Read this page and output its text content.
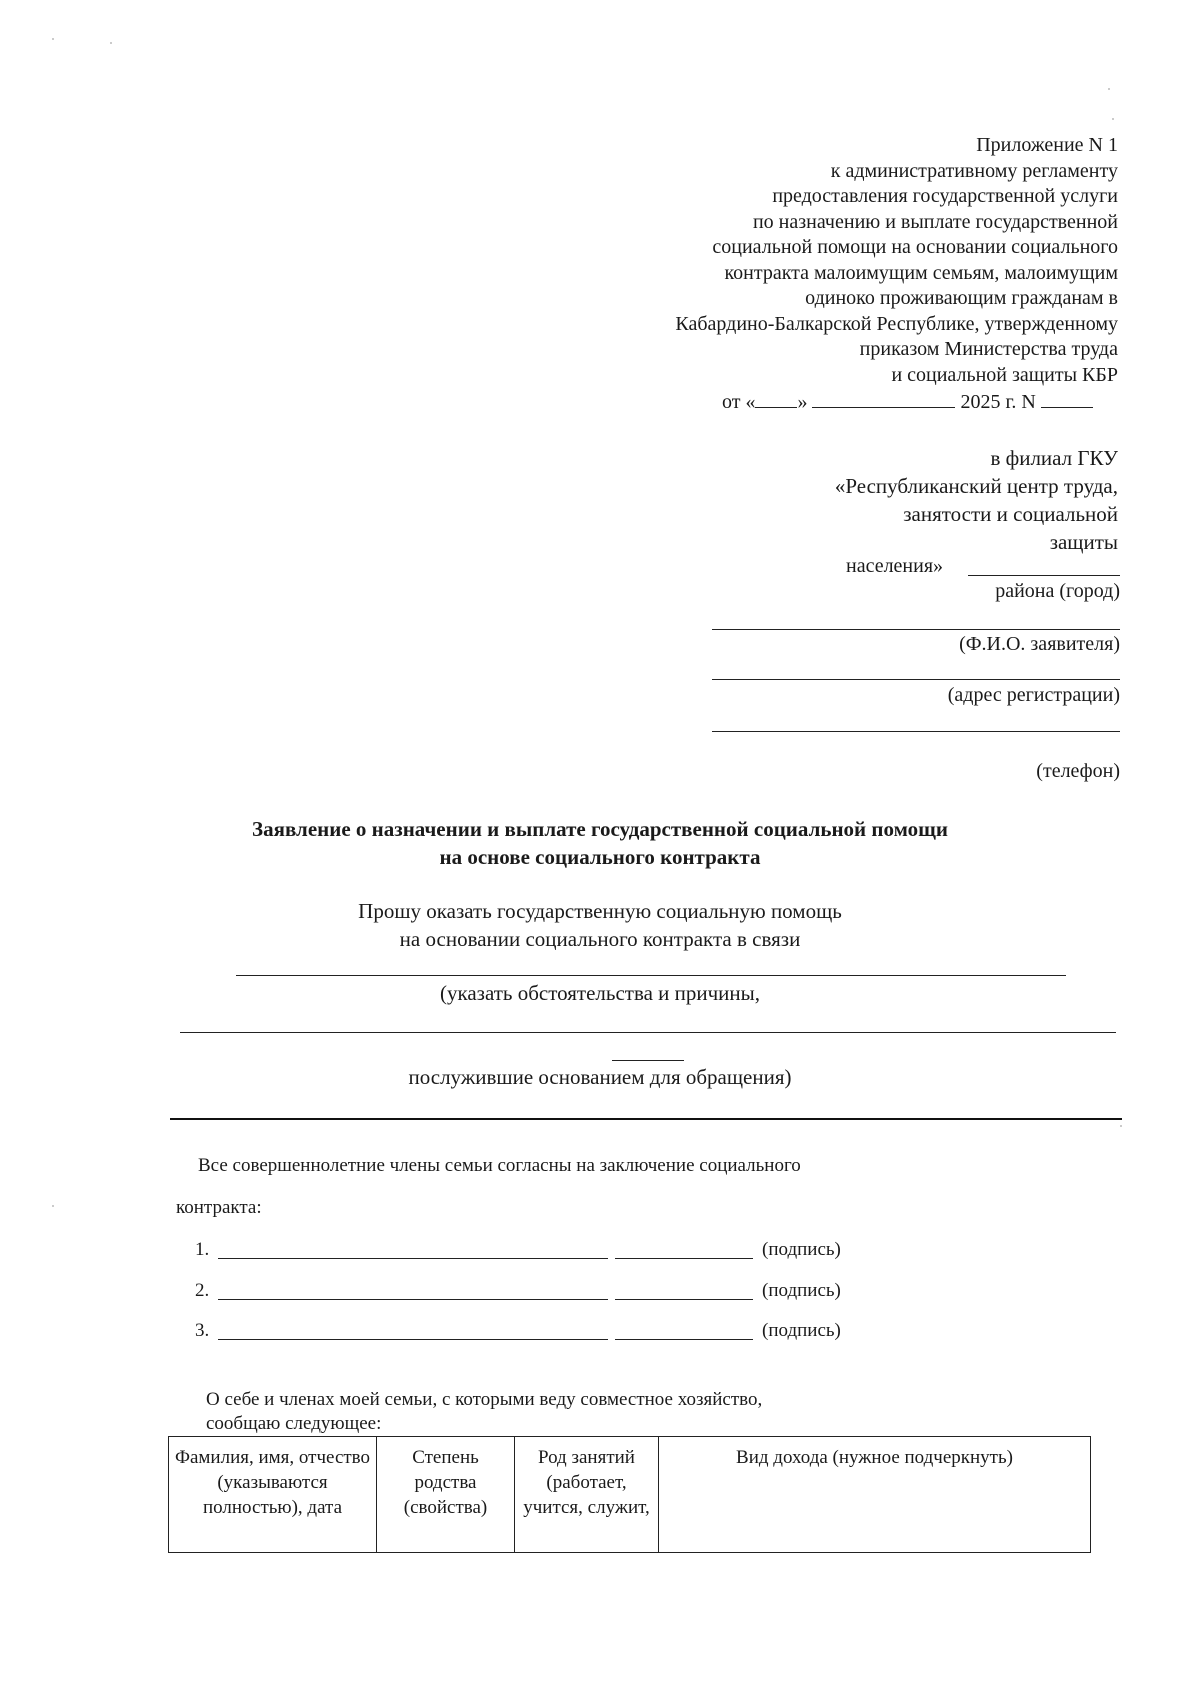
Приложение N 1
к административному регламенту
предоставления государственной услуги
по назначению и выплате государственной
социальной помощи на основании социального
контракта малоимущим семьям, малоимущим
одиноко проживающим гражданам в
Кабардино-Балкарской Республике, утвержденному
приказом Министерства труда
и социальной защиты КБР
от « »	2025 г. N
в филиал ГКУ
«Республиканский центр труда,
занятости и социальной
защиты
населения»
района (город)
(Ф.И.О. заявителя)
(адрес регистрации)
(телефон)
Заявление о назначении и выплате государственной социальной помощи
на основе социального контракта
Прошу оказать государственную социальную помощь
на основании социального контракта в связи
(указать обстоятельства и причины,
послужившие основанием для обращения)
Все совершеннолетние члены семьи согласны на заключение социального
контракта:
1.	(подпись)
2.	(подпись)
3.	(подпись)
О себе и членах моей семьи, с которыми веду совместное хозяйство,
сообщаю следующее:
Фамилия, имя, отчество (указываются полностью), дата	Степень родства (свойства)	Род занятий (работает, учится, служит,	Вид дохода (нужное подчеркнуть)
